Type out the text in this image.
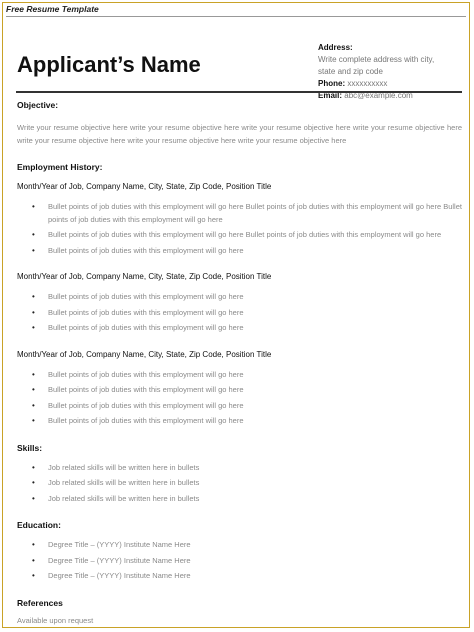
Free Resume Template
Applicant’s Name
Address: Write complete address with city, state and zip code
Phone: xxxxxxxxxx
Email: abc@example.com
Objective:
Write your resume objective here write your resume objective here write your resume objective here write your resume objective here write your resume objective here write your resume objective here write your resume objective here
Employment History:
Month/Year of Job, Company Name, City, State, Zip Code, Position Title
• Bullet points of job duties with this employment will go here Bullet points of job duties with this employment will go here Bullet points of job duties with this employment will go here
• Bullet points of job duties with this employment will go here Bullet points of job duties with this employment will go here
• Bullet points of job duties with this employment will go here
Month/Year of Job, Company Name, City, State, Zip Code, Position Title
• Bullet points of job duties with this employment will go here
• Bullet points of job duties with this employment will go here
• Bullet points of job duties with this employment will go here
Month/Year of Job, Company Name, City, State, Zip Code, Position Title
• Bullet points of job duties with this employment will go here
• Bullet points of job duties with this employment will go here
• Bullet points of job duties with this employment will go here
• Bullet points of job duties with this employment will go here
Skills:
• Job related skills will be written here in bullets
• Job related skills will be written here in bullets
• Job related skills will be written here in bullets
Education:
• Degree Title – (YYYY) Institute Name Here
• Degree Title – (YYYY) Institute Name Here
• Degree Title – (YYYY) Institute Name Here
References
Available upon request
